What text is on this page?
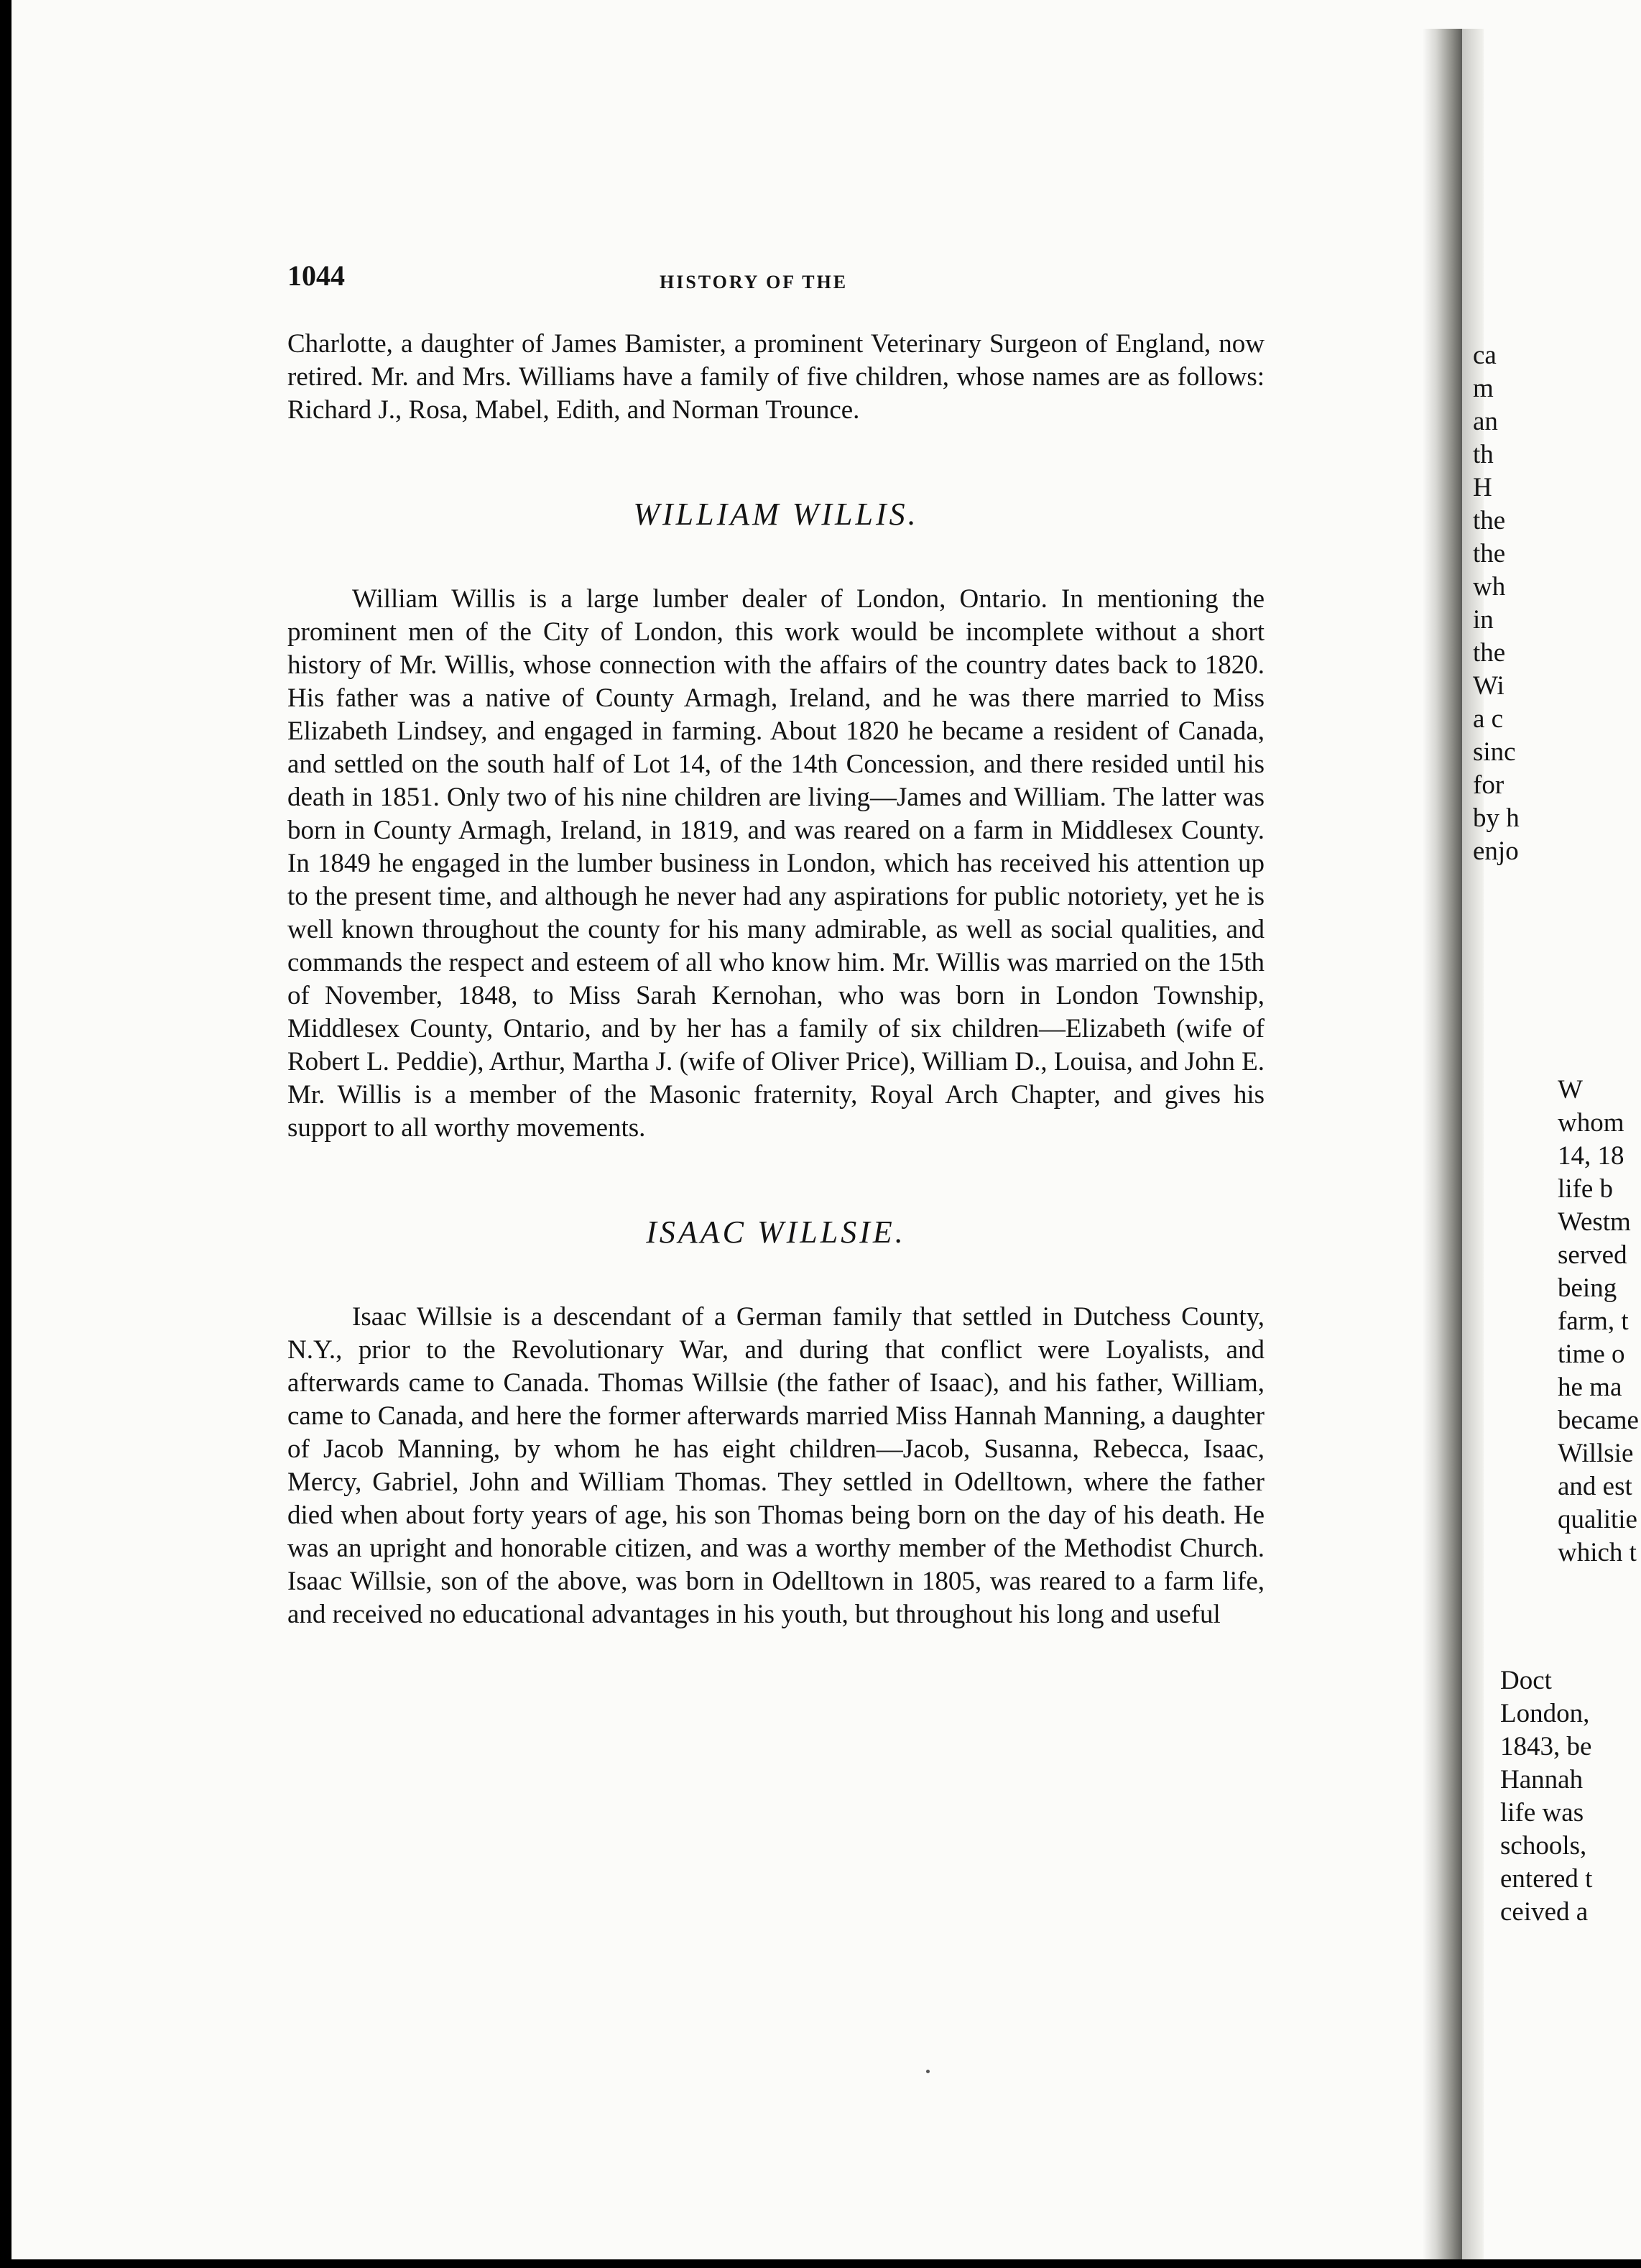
1044	HISTORY OF THE

Charlotte, a daughter of James Bamister, a prominent Veterinary Surgeon of England, now retired. Mr. and Mrs. Williams have a family of five children, whose names are as follows: Richard J., Rosa, Mabel, Edith, and Norman Trounce.

WILLIAM WILLIS.

William Willis is a large lumber dealer of London, Ontario. In mentioning the prominent men of the City of London, this work would be incomplete without a short history of Mr. Willis, whose connection with the affairs of the country dates back to 1820. His father was a native of County Armagh, Ireland, and he was there married to Miss Elizabeth Lindsey, and engaged in farming. About 1820 he became a resident of Canada, and settled on the south half of Lot 14, of the 14th Concession, and there resided until his death in 1851. Only two of his nine children are living—James and William. The latter was born in County Armagh, Ireland, in 1819, and was reared on a farm in Middlesex County. In 1849 he engaged in the lumber business in London, which has received his attention up to the present time, and although he never had any aspirations for public notoriety, yet he is well known throughout the county for his many admirable, as well as social qualities, and commands the respect and esteem of all who know him. Mr. Willis was married on the 15th of November, 1848, to Miss Sarah Kernohan, who was born in London Township, Middlesex County, Ontario, and by her has a family of six children—Elizabeth (wife of Robert L. Peddie), Arthur, Martha J. (wife of Oliver Price), William D., Louisa, and John E. Mr. Willis is a member of the Masonic fraternity, Royal Arch Chapter, and gives his support to all worthy movements.

ISAAC WILLSIE.

Isaac Willsie is a descendant of a German family that settled in Dutchess County, N.Y., prior to the Revolutionary War, and during that conflict were Loyalists, and afterwards came to Canada. Thomas Willsie (the father of Isaac), and his father, William, came to Canada, and here the former afterwards married Miss Hannah Manning, a daughter of Jacob Manning, by whom he has eight children—Jacob, Susanna, Rebecca, Isaac, Mercy, Gabriel, John and William Thomas. They settled in Odelltown, where the father died when about forty years of age, his son Thomas being born on the day of his death. He was an upright and honorable citizen, and was a worthy member of the Methodist Church. Isaac Willsie, son of the above, was born in Odelltown in 1805, was reared to a farm life, and received no educational advantages in his youth, but throughout his long and useful

ca
m
an
th
H
the
the
wh
in
the
Wi
a c
sinc
for
by h
enjo
W
whom
14, 18
life b
Westm
served
being
farm, t
time o
he ma
became
Willsie
and est
qualitie
which t
Doct
London,
1843, be
Hannah
life was
schools,
entered t
ceived a
